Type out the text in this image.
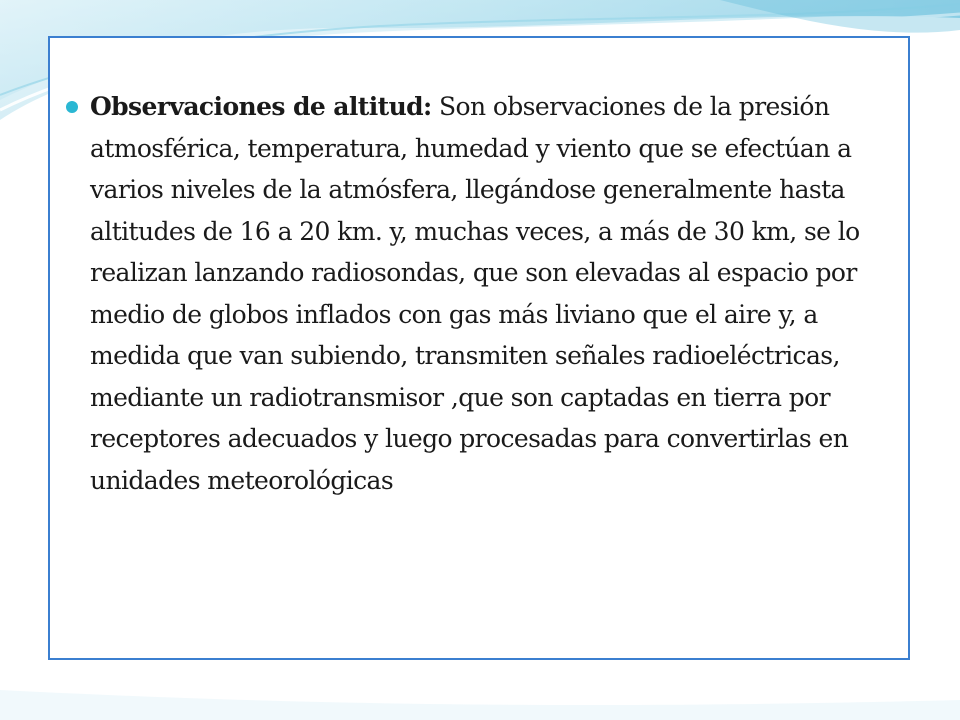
Observaciones de altitud: Son observaciones de la presión atmosférica, temperatura, humedad y viento que se efectúan a varios niveles de la atmósfera, llegándose generalmente hasta altitudes de 16 a 20 km. y, muchas veces, a más de 30 km, se lo realizan lanzando radiosondas, que son elevadas al espacio por medio de globos inflados con gas más liviano que el aire y, a medida que van subiendo, transmiten señales radioeléctricas, mediante un radiotransmisor ,que son captadas en tierra por receptores adecuados y luego procesadas para convertirlas en unidades meteorológicas
